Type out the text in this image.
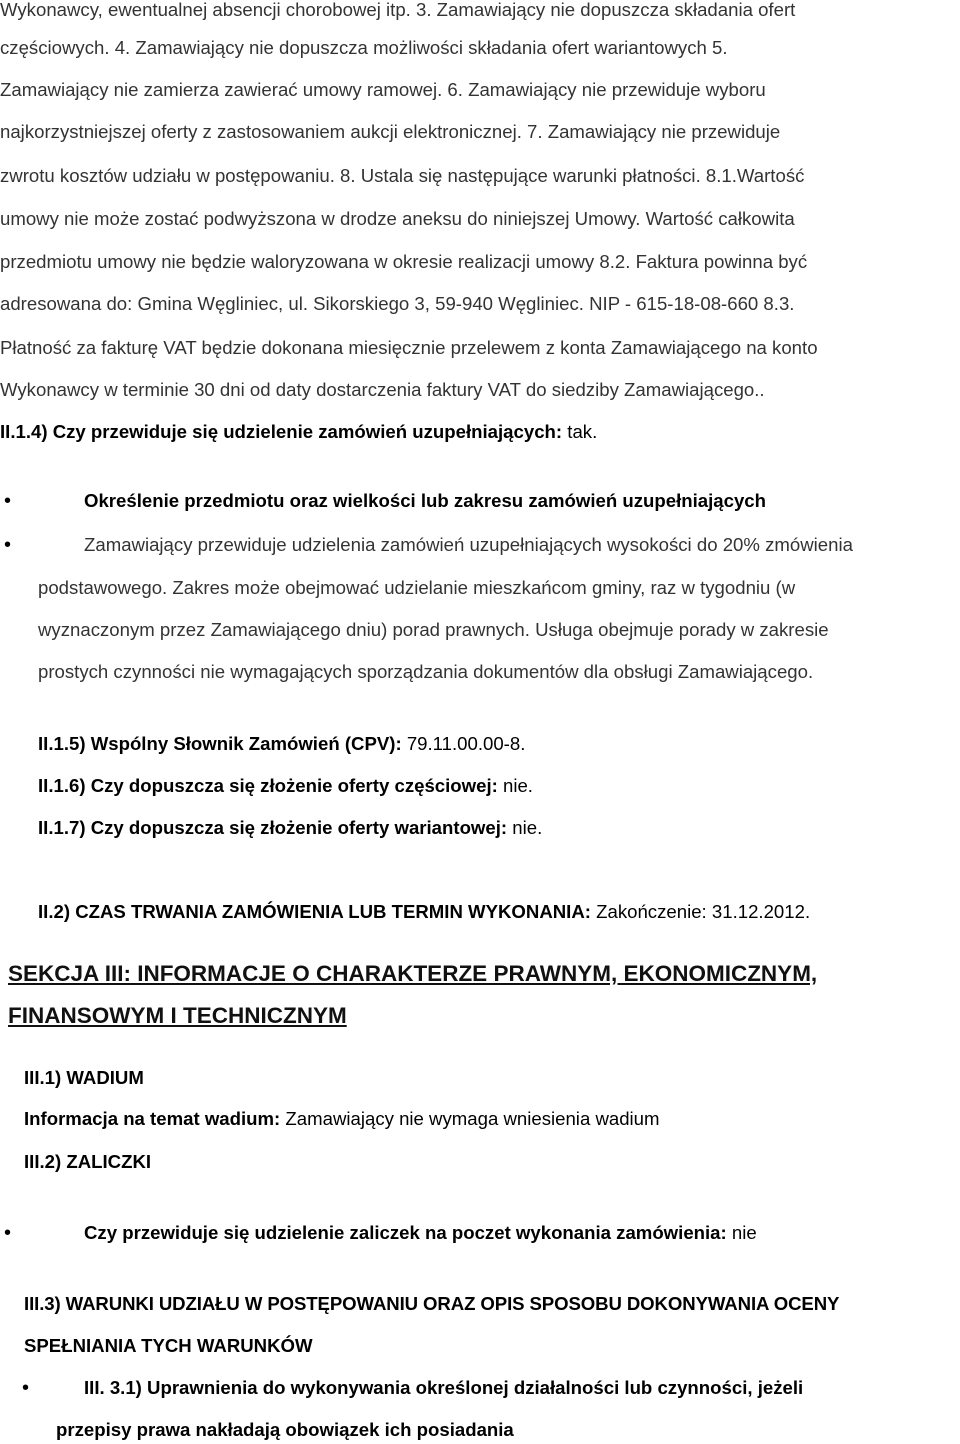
Wykonawcy, ewentualnej absencji chorobowej itp. 3. Zamawiający nie dopuszcza składania ofert
częściowych. 4. Zamawiający nie dopuszcza możliwości składania ofert wariantowych 5.
Zamawiający nie zamierza zawierać umowy ramowej. 6. Zamawiający nie przewiduje wyboru
najkorzystniejszej oferty z zastosowaniem aukcji elektronicznej. 7. Zamawiający nie przewiduje
zwrotu kosztów udziału w postępowaniu. 8. Ustala się następujące warunki płatności. 8.1.Wartość
umowy nie może zostać podwyższona w drodze aneksu do niniejszej Umowy. Wartość całkowita
przedmiotu umowy nie będzie waloryzowana w okresie realizacji umowy 8.2. Faktura powinna być
adresowana do: Gmina Węgliniec, ul. Sikorskiego 3, 59-940 Węgliniec. NIP - 615-18-08-660 8.3.
Płatność za fakturę VAT będzie dokonana miesięcznie przelewem z konta Zamawiającego na konto
Wykonawcy w terminie 30 dni od daty dostarczenia faktury VAT do siedziby Zamawiającego..
II.1.4) Czy przewiduje się udzielenie zamówień uzupełniających: tak.
•	Określenie przedmiotu oraz wielkości lub zakresu zamówień uzupełniających
•	Zamawiający przewiduje udzielenia zamówień uzupełniających wysokości do 20% zmówienia
podstawowego. Zakres może obejmować udzielanie mieszkańcom gminy, raz w tygodniu (w
wyznaczonym przez Zamawiającego dniu) porad prawnych. Usługa obejmuje porady w zakresie
prostych czynności nie wymagających sporządzania dokumentów dla obsługi Zamawiającego.
II.1.5) Wspólny Słownik Zamówień (CPV): 79.11.00.00-8.
II.1.6) Czy dopuszcza się złożenie oferty częściowej: nie.
II.1.7) Czy dopuszcza się złożenie oferty wariantowej: nie.
II.2) CZAS TRWANIA ZAMÓWIENIA LUB TERMIN WYKONANIA: Zakończenie: 31.12.2012.
SEKCJA III: INFORMACJE O CHARAKTERZE PRAWNYM, EKONOMICZNYM,
FINANSOWYM I TECHNICZNYM
III.1) WADIUM
Informacja na temat wadium: Zamawiający nie wymaga wniesienia wadium
III.2) ZALICZKI
•	Czy przewiduje się udzielenie zaliczek na poczet wykonania zamówienia: nie
III.3) WARUNKI UDZIAŁU W POSTĘPOWANIU ORAZ OPIS SPOSOBU DOKONYWANIA OCENY
SPEŁNIANIA TYCH WARUNKÓW
•	III. 3.1) Uprawnienia do wykonywania określonej działalności lub czynności, jeżeli
przepisy prawa nakładają obowiązek ich posiadania
